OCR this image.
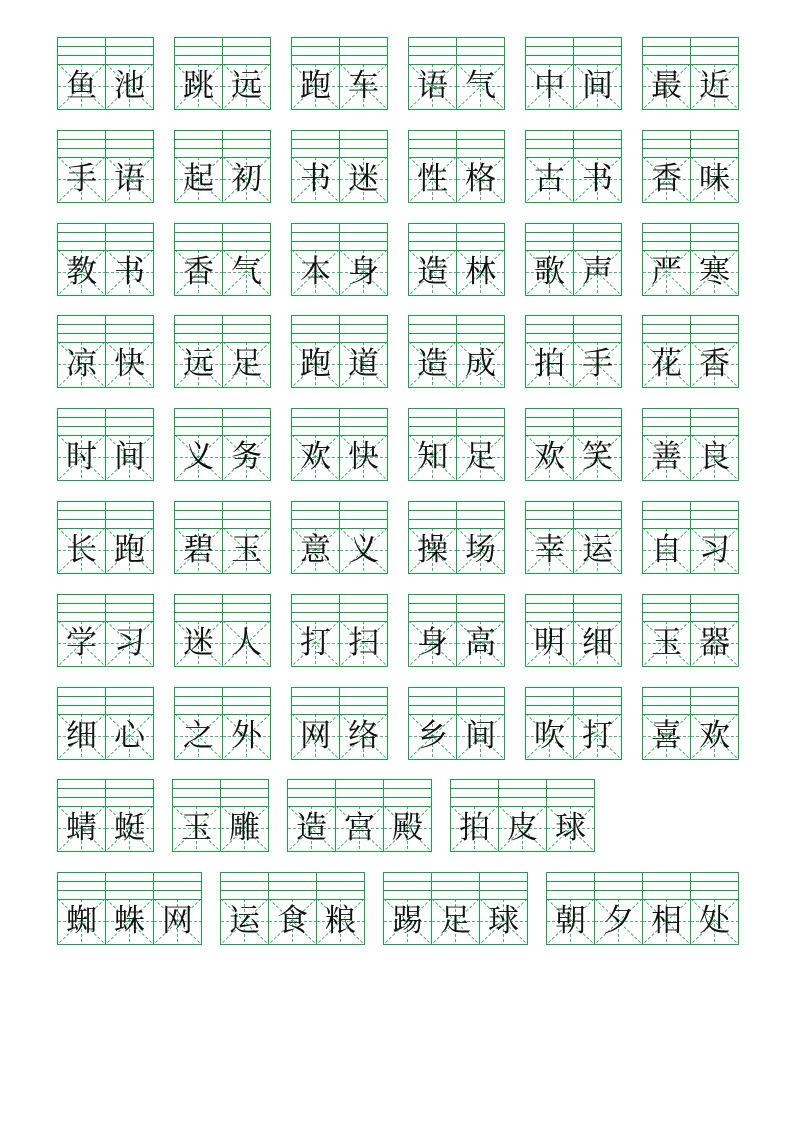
鱼 池 跳 远 跑 车 语 气 中 间 最 近
手 语 起 初 书 迷 性 格 古 书 香 味
教 书 香 气 本 身 造 林 歌 声 严 寒
凉 快 远 足 跑 道 造 成 拍 手 花 香
时 间 义 务 欢 快 知 足 欢 笑 善 良
长 跑 碧 玉 意 义 操 场 幸 运 自 习
学 习 迷 人 打 扫 身 高 明 细 玉 器
细 心 之 外 网 络 乡 间 吹 打 喜 欢
蜻 蜓 玉 雕 造 宫 殿 拍 皮 球
蜘 蛛 网 运 食 粮 踢 足 球 朝 夕 相 处
